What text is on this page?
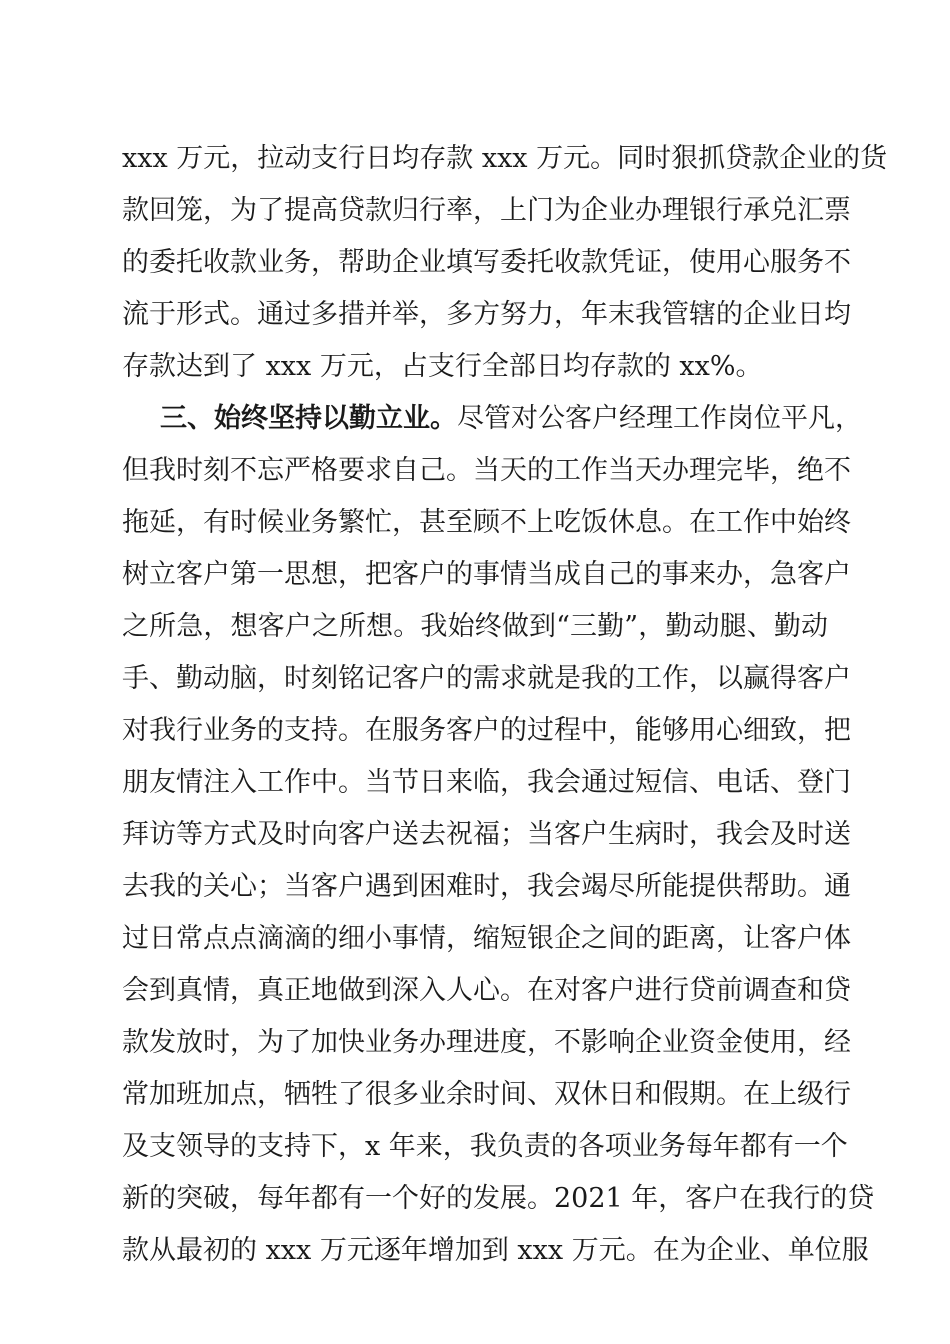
xxx 万元，拉动支行日均存款 xxx 万元。同时狠抓贷款企业的货
款回笼，为了提高贷款归行率，上门为企业办理银行承兑汇票
的委托收款业务，帮助企业填写委托收款凭证，使用心服务不
流于形式。通过多措并举，多方努力，年末我管辖的企业日均
存款达到了 xxx 万元，占支行全部日均存款的 xx%。
三、始终坚持以勤立业。尽管对公客户经理工作岗位平凡，
但我时刻不忘严格要求自己。当天的工作当天办理完毕，绝不
拖延，有时候业务繁忙，甚至顾不上吃饭休息。在工作中始终
树立客户第一思想，把客户的事情当成自己的事来办，急客户
之所急，想客户之所想。我始终做到“三勤”，勤动腿、勤动
手、勤动脑，时刻铭记客户的需求就是我的工作，以赢得客户
对我行业务的支持。在服务客户的过程中，能够用心细致，把
朋友情注入工作中。当节日来临，我会通过短信、电话、登门
拜访等方式及时向客户送去祝福；当客户生病时，我会及时送
去我的关心；当客户遇到困难时，我会竭尽所能提供帮助。通
过日常点点滴滴的细小事情，缩短银企之间的距离，让客户体
会到真情，真正地做到深入人心。在对客户进行贷前调查和贷
款发放时，为了加快业务办理进度，不影响企业资金使用，经
常加班加点，牺牲了很多业余时间、双休日和假期。在上级行
及支领导的支持下，x 年来，我负责的各项业务每年都有一个
新的突破，每年都有一个好的发展。2021 年，客户在我行的贷
款从最初的 xxx 万元逐年增加到 xxx 万元。在为企业、单位服
